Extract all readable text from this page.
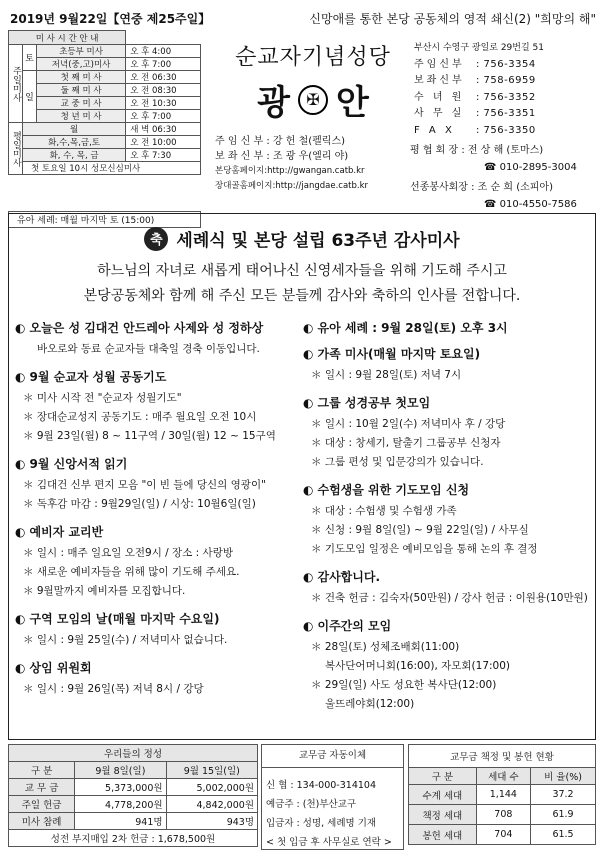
2019년 9월22일【연중 제25주일】	신망애를 통한 본당 공동체의 영적 쇄신(2) "희망의 해"
미 사 시 간 안 내			
주일미사	토	초등부 미사	오 후 4:00
		저녁(중,고)미사	오 후 7:00
	일	첫 째 미 사	오 전 06:30
		둘 째 미 사	오 전 08:30
		교 중 미 사	오 전 10:30
		청 년 미 사	오 후 7:00
평일미사	월		새 벽 06:30
	화,수,목,금,토		오 전 10:00
	화, 수, 목, 금		오 후 7:30
	첫 토요일 10시 성모신심미사		
유아 세례: 매월 마지막 토 (15:00)
순교자기념성당
광	✠ 안
주 임 신 부 : 강 헌 철(펠릭스)
보 좌 신 부 : 조 광 우(엘리 야)
본당홈페이지:http://gwangan.catb.kr
장대골홈페이지:http://jangdae.catb.kr
부산시 수영구 광일로 29번길 51
주임신부	: 756-3354
보좌신부	: 758-6959
수 녀 원	: 756-3352
사 무 실	: 756-3351
F A X	: 756-3350
평 협 회 장 : 전 상 해 (토마스)
☎ 010-2895-3004
선종봉사회장 : 조 순 희 (소피아)
☎ 010-4550-7586
축 세례식 및 본당 설립 63주년 감사미사
하느님의 자녀로 새롭게 태어나신 신영세자들을 위해 기도해 주시고
본당공동체와 함께 해 주신 모든 분들께 감사와 축하의 인사를 전합니다.
◐ 오늘은 성 김대건 안드레아 사제와 성 정하상
바오로와 동료 순교자들 대축일 경축 이동입니다.
◐ 9월 순교자 성월 공동기도
＊ 미사 시작 전 "순교자 성월기도"
＊ 장대순교성지 공동기도 : 매주 월요일 오전 10시
＊ 9월 23일(월) 8 ~ 11구역 / 30일(월) 12 ~ 15구역
◐ 9월 신앙서적 읽기
＊ 김대건 신부 편지 모음 "이 빈 들에 당신의 영광이"
＊ 독후감 마감 : 9월29일(일) / 시상: 10월6일(일)
◐ 예비자 교리반
＊ 일시 : 매주 일요일 오전9시 / 장소 : 사랑방
＊ 새로운 예비자들을 위해 많이 기도해 주세요.
＊ 9월말까지 예비자를 모집합니다.
◐ 구역 모임의 날(매월 마지막 수요일)
＊ 일시 : 9월 25일(수) / 저녁미사 없습니다.
◐ 상임 위원회
＊ 일시 : 9월 26일(목) 저녁 8시 / 강당
◐ 유아 세례 : 9월 28일(토) 오후 3시
◐ 가족 미사(매월 마지막 토요일)
＊ 일시 : 9월 28일(토) 저녁 7시
◐ 그룹 성경공부 첫모임
＊ 일시 : 10월 2일(수) 저녁미사 후 / 강당
＊ 대상 : 창세기, 탈출기 그룹공부 신청자
＊ 그룹 편성 및 입문강의가 있습니다.
◐ 수험생을 위한 기도모임 신청
＊ 대상 : 수험생 및 수험생 가족
＊ 신청 : 9월 8일(일) ~ 9월 22일(일) / 사무실
＊ 기도모임 일정은 예비모임을 통해 논의 후 결정
◐ 감사합니다.
＊ 건축 헌금 : 김숙자(50만원) / 강사 헌금 : 이원용(10만원)
◐ 이주간의 모임
＊ 28일(토) 성체조배회(11:00)
복사단어머니회(16:00), 자모회(17:00)
＊ 29일(일) 사도 성요한 복사단(12:00)
울뜨레야회(12:00)
우리들의 정성		
구 분	9월 8일(일)	9월 15일(일)
교 무 금	5,373,000원	5,002,000원
주일 헌금	4,778,200원	4,842,000원
미사 참례	941명	943명
성전 부지매입 2차 헌금 : 1,678,500원		
교무금 자동이체
신 협 : 134-000-314104
예금주 : (천)부산교구
입금자 : 성명, 세례명 기재
< 첫 입금 후 사무실로 연락 >
교무금 책정 및 봉헌 현황		
구 분	세대 수	비 율(%)
수계 세대	1,144	37.2
책정 세대	708	61.9
봉헌 세대	704	61.5
